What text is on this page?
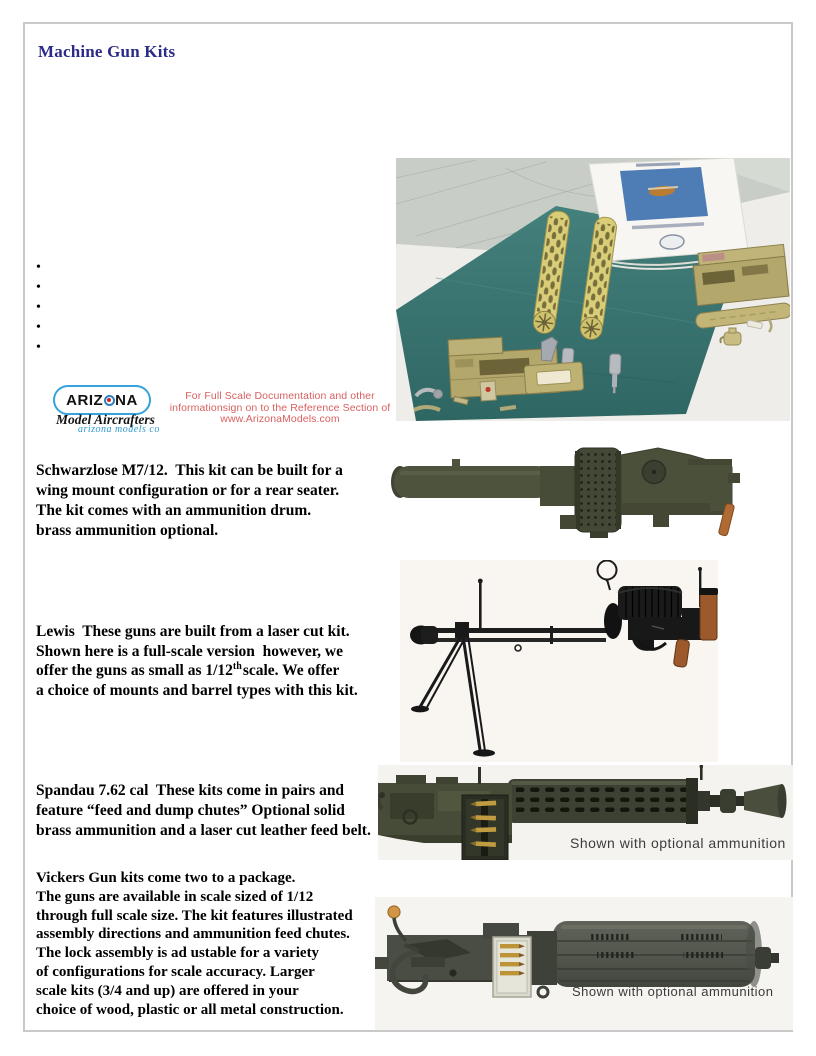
Machine Gun Kits
•
•
•
•
•
ARIZ NA
Model Aircrafters
arizona models co
For Full Scale Documentation and other
informationsign on to the Reference Section of
www.ArizonaModels.com
Shown with optional ammunition
Shown with optional ammunition
Schwarzlose M7/12.  This kit can be built for a
wing mount configuration or for a rear seater.
The kit comes with an ammunition drum.
brass ammunition optional.
Lewis  These guns are built from a laser cut kit.
Shown here is a full-scale version  however, we
offer the guns as small as 1/12thscale. We offer
a choice of mounts and barrel types with this kit.
Spandau 7.62 cal  These kits come in pairs and
feature “feed and dump chutes” Optional solid
brass ammunition and a laser cut leather feed belt.
Vickers Gun kits come two to a package.
The guns are available in scale sized of 1/12
through full scale size. The kit features illustrated
assembly directions and ammunition feed chutes.
The lock assembly is ad ustable for a variety
of configurations for scale accuracy. Larger
scale kits (3/4 and up) are offered in your
choice of wood, plastic or all metal construction.
